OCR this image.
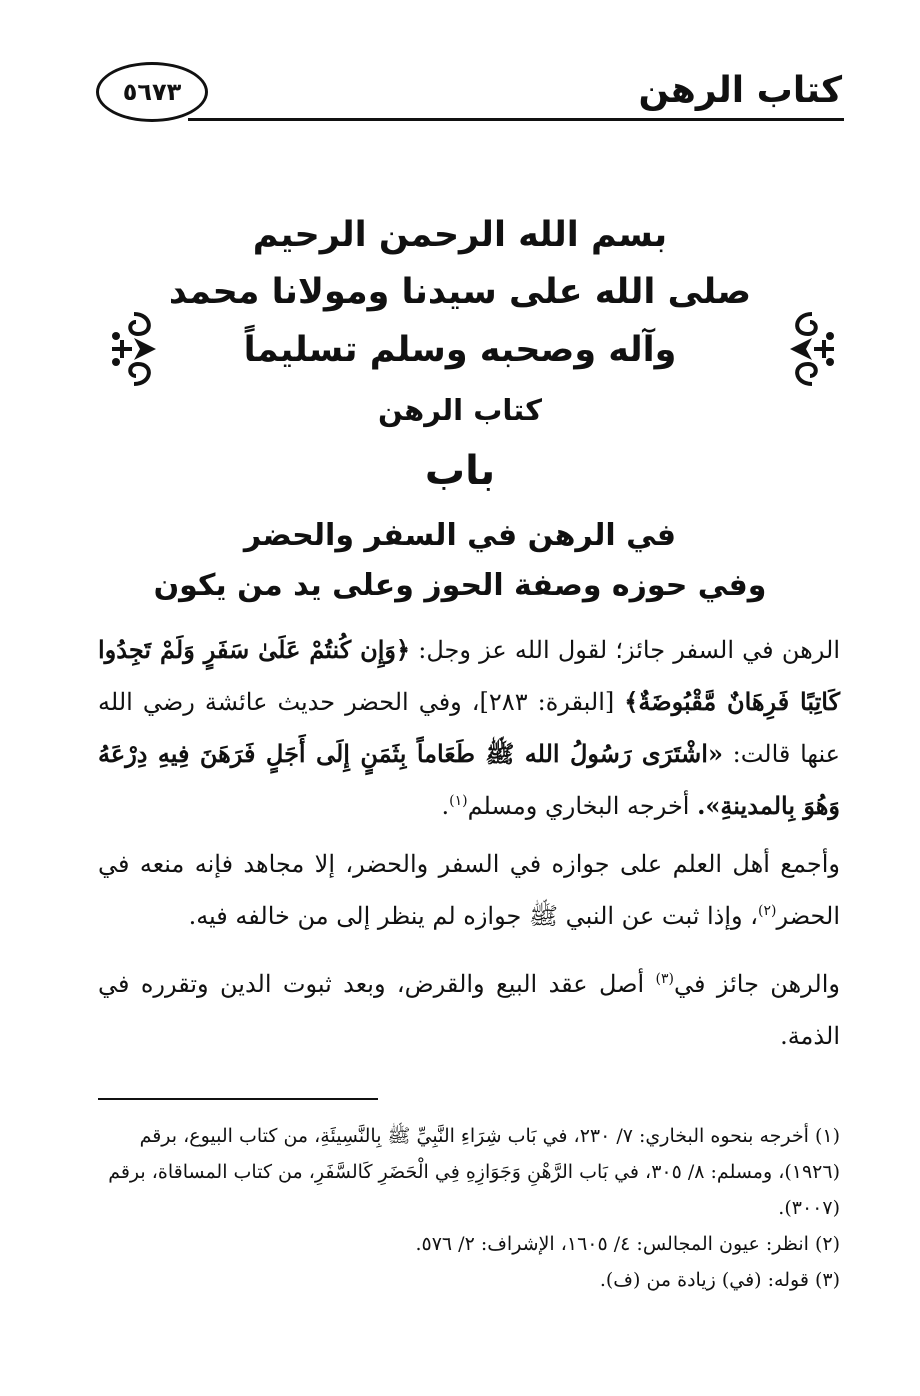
كتاب الرهن
٥٦٧٣
بسم الله الرحمن الرحيم
صلى الله على سيدنا ومولانا محمد
وآله وصحبه وسلم تسليماً
كتاب الرهن
باب
في الرهن في السفر والحضر
وفي حوزه وصفة الحوز وعلى يد من يكون

الرهن في السفر جائز؛ لقول الله عز وجل: ﴿وَإِن كُنتُمْ عَلَىٰ سَفَرٍ وَلَمْ تَجِدُوا كَاتِبًا فَرِهَانٌ مَّقْبُوضَةٌ﴾ [البقرة: ٢٨٣]، وفي الحضر حديث عائشة رضي الله عنها قالت: «اشْتَرَى رَسُولُ الله ﷺ طَعَاماً بِثَمَنٍ إِلَى أَجَلٍ فَرَهَنَ فِيهِ دِرْعَهُ وَهُوَ بِالمدينةِ». أخرجه البخاري ومسلم$^{(١)}$.

وأجمع أهل العلم على جوازه في السفر والحضر، إلا مجاهد فإنه منعه في الحضر$^{(٢)}$، وإذا ثبت عن النبي ﷺ جوازه لم ينظر إلى من خالفه فيه.

والرهن جائز في$^{(٣)}$ أصل عقد البيع والقرض، وبعد ثبوت الدين وتقرره في الذمة.

(١) أخرجه بنحوه البخاري: ٧/ ٢٣٠، في بَاب شِرَاءِ النَّبِيِّ ﷺ بِالنَّسِيئَةِ، من كتاب البيوع، برقم (١٩٢٦)، ومسلم: ٨/ ٣٠٥، في بَاب الرَّهْنِ وَجَوَازِهِ فِي الْحَضَرِ كَالسَّفَرِ، من كتاب المساقاة، برقم (٣٠٠٧).
(٢) انظر: عيون المجالس: ٤/ ١٦٠٥، الإشراف: ٢/ ٥٧٦.
(٣) قوله: (في) زيادة من (ف).
